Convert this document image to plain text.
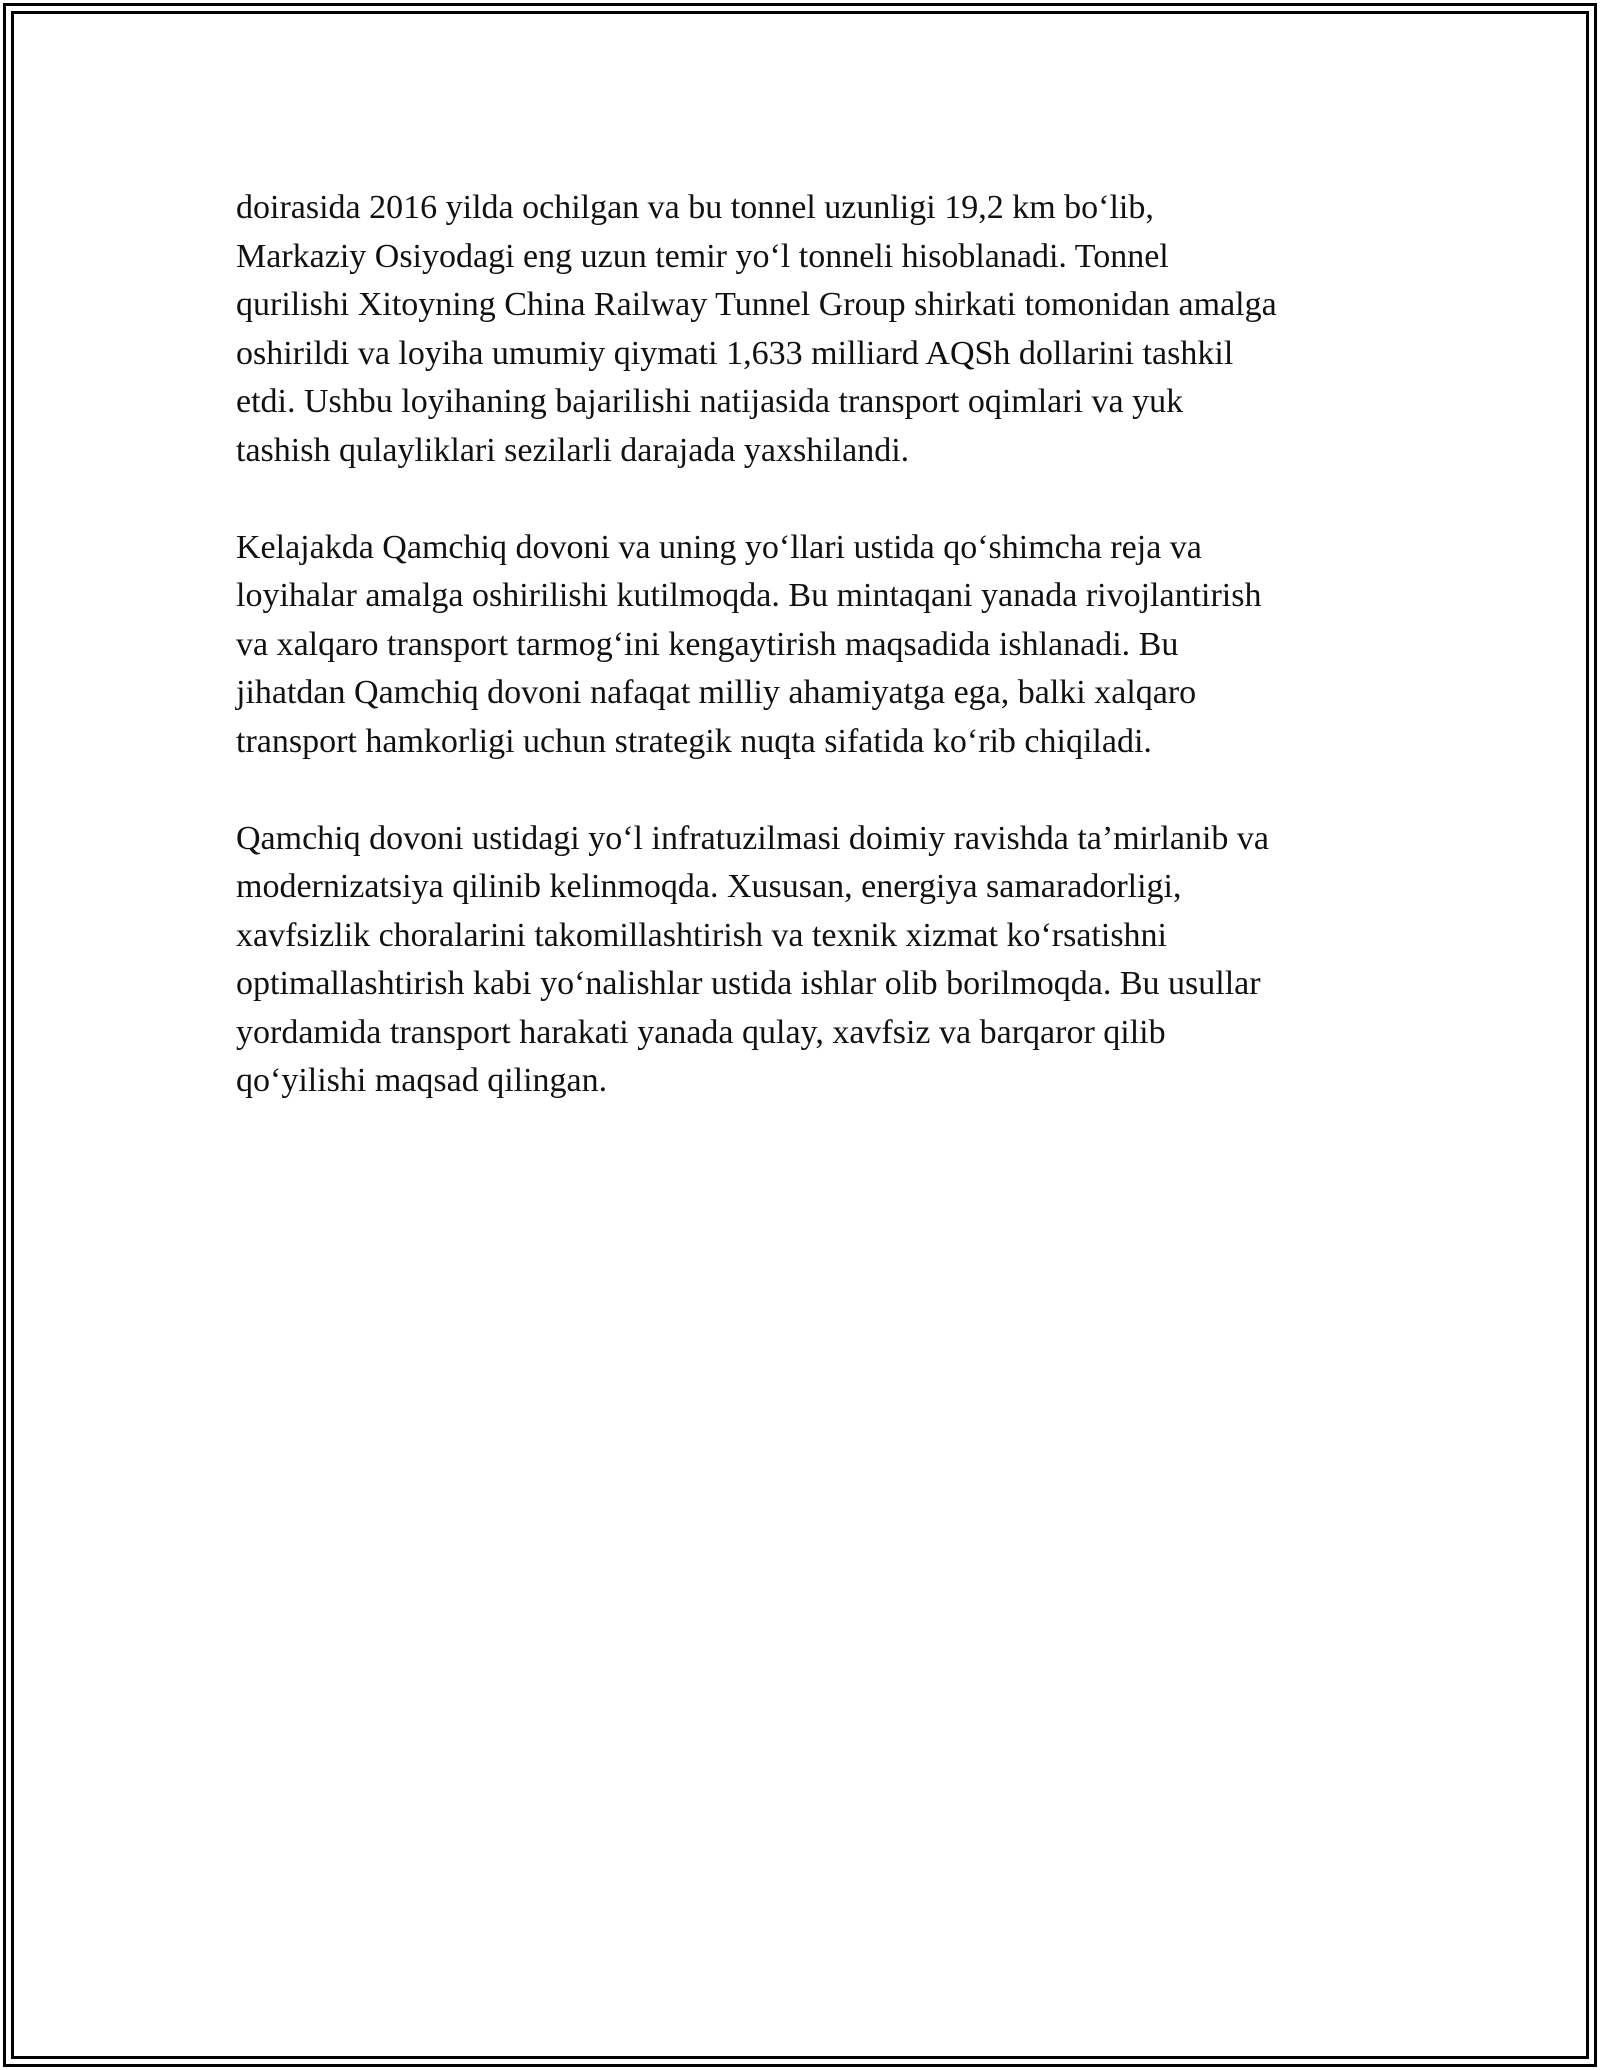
doirasida 2016 yilda ochilgan va bu tonnel uzunligi 19,2 km bo‘lib,
Markaziy Osiyodagi eng uzun temir yo‘l tonneli hisoblanadi. Tonnel
qurilishi Xitoyning China Railway Tunnel Group shirkati tomonidan amalga
oshirildi va loyiha umumiy qiymati 1,633 milliard AQSh dollarini tashkil
etdi. Ushbu loyihaning bajarilishi natijasida transport oqimlari va yuk
tashish qulayliklari sezilarli darajada yaxshilandi.

Kelajakda Qamchiq dovoni va uning yo‘llari ustida qo‘shimcha reja va
loyihalar amalga oshirilishi kutilmoqda. Bu mintaqani yanada rivojlantirish
va xalqaro transport tarmog‘ini kengaytirish maqsadida ishlanadi. Bu
jihatdan Qamchiq dovoni nafaqat milliy ahamiyatga ega, balki xalqaro
transport hamkorligi uchun strategik nuqta sifatida ko‘rib chiqiladi.

Qamchiq dovoni ustidagi yo‘l infratuzilmasi doimiy ravishda ta’mirlanib va
modernizatsiya qilinib kelinmoqda. Xususan, energiya samaradorligi,
xavfsizlik choralarini takomillashtirish va texnik xizmat ko‘rsatishni
optimallashtirish kabi yo‘nalishlar ustida ishlar olib borilmoqda. Bu usullar
yordamida transport harakati yanada qulay, xavfsiz va barqaror qilib
qo‘yilishi maqsad qilingan.
